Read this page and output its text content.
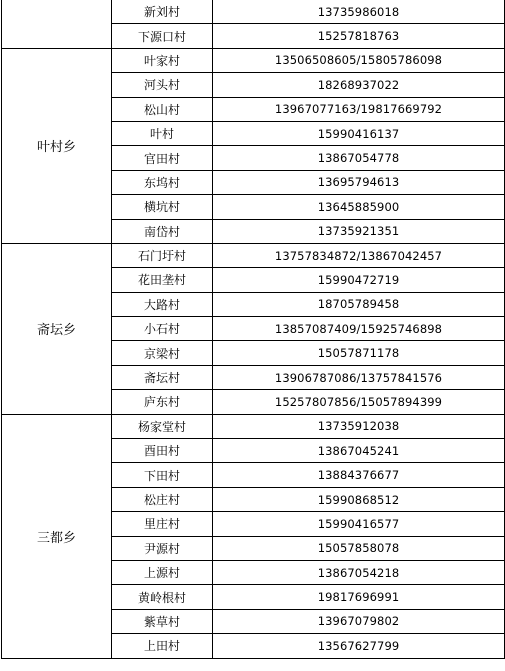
	新刘村	13735986018
	下源口村	15257818763
叶村乡	叶家村	13506508605/15805786098
	河头村	18268937022
	松山村	13967077163/19817669792
	叶村	15990416137
	官田村	13867054778
	东坞村	13695794613
	横坑村	13645885900
	南岱村	13735921351
斋坛乡	石门圩村	13757834872/13867042457
	花田垄村	15990472719
	大路村	18705789458
	小石村	13857087409/15925746898
	京梁村	15057871178
	斋坛村	13906787086/13757841576
	庐东村	15257807856/15057894399
三都乡	杨家堂村	13735912038
	酉田村	13867045241
	下田村	13884376677
	松庄村	15990868512
	里庄村	15990416577
	尹源村	15057858078
	上源村	13867054218
	黄岭根村	19817696991
	紫草村	13967079802
	上田村	13567627799
